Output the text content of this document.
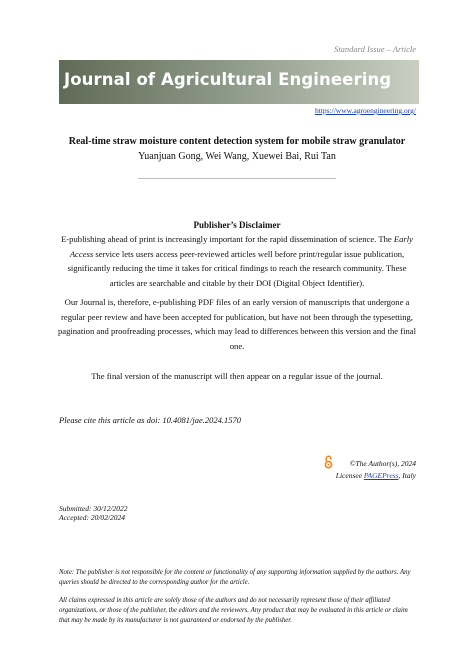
Standard Issue – Article
Journal of Agricultural Engineering
https://www.agroengineering.org/
Real-time straw moisture content detection system for mobile straw granulator
Yuanjuan Gong, Wei Wang, Xuewei Bai, Rui Tan
Publisher’s Disclaimer
E-publishing ahead of print is increasingly important for the rapid dissemination of science. The Early Access service lets users access peer-reviewed articles well before print/regular issue publication, significantly reducing the time it takes for critical findings to reach the research community. These articles are searchable and citable by their DOI (Digital Object Identifier).
Our Journal is, therefore, e-publishing PDF files of an early version of manuscripts that undergone a regular peer review and have been accepted for publication, but have not been through the typesetting, pagination and proofreading processes, which may lead to differences between this version and the final one.
The final version of the manuscript will then appear on a regular issue of the journal.
Please cite this article as doi: 10.4081/jae.2024.1570
©The Author(s), 2024
Licensee PAGEPress, Italy
Submitted: 30/12/2022
Accepted: 20/02/2024
Note: The publisher is not responsible for the content or functionality of any supporting information supplied by the authors. Any queries should be directed to the corresponding author for the article.
All claims expressed in this article are solely those of the authors and do not necessarily represent those of their affiliated organizations, or those of the publisher, the editors and the reviewers. Any product that may be evaluated in this article or claim that may be made by its manufacturer is not guaranteed or endorsed by the publisher.
